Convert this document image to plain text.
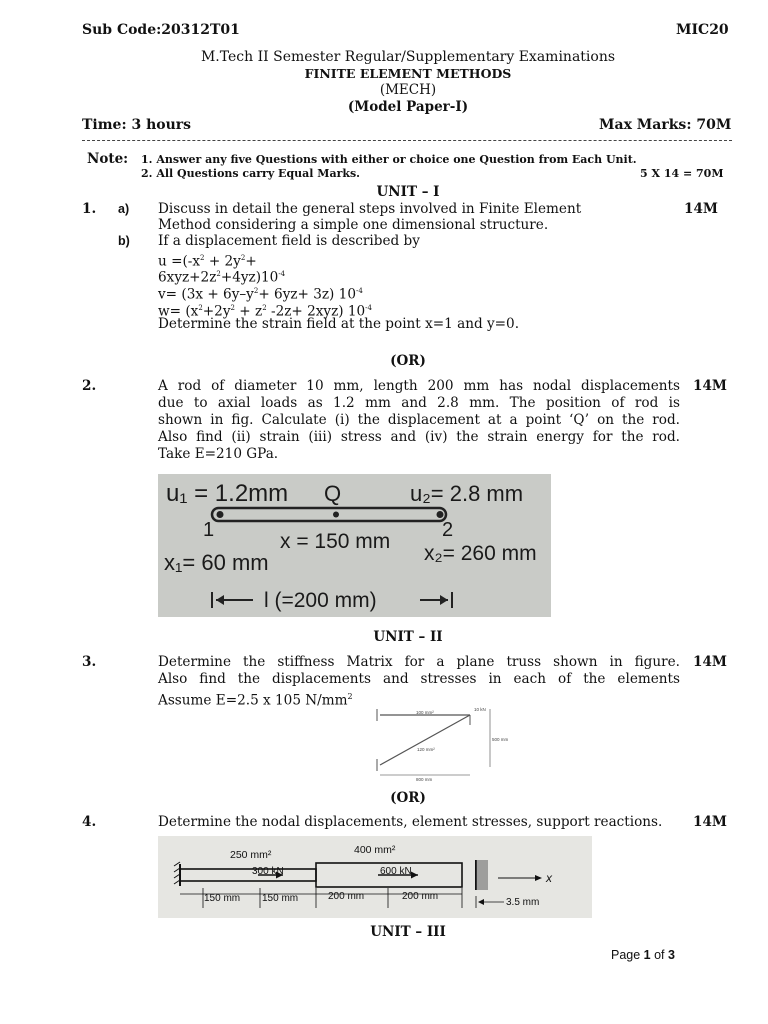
Sub Code:20312T01	MIC20
M.Tech II Semester Regular/Supplementary Examinations
FINITE ELEMENT METHODS
(MECH)
(Model Paper-I)
Time: 3 hours	Max Marks: 70M
Note: 1. Answer any five Questions with either or choice one Question from Each Unit.
2. All Questions carry Equal Marks.	5 X 14 = 70M
UNIT – I
1. a) Discuss in detail the general steps involved in Finite Element	14M
Method considering a simple one dimensional structure.
b) If a displacement field is described by
$u =(-x^2 + 2y^2+$
$6xyz+2z^2+4yz)10^{-4}$
$v= (3x + 6y-y^2+ 6yz+ 3z)$ $10^{-4}$
$w= (x^2+2y^2 + z^2$ -2z+ 2xyz) $10^{-4}$
Determine the strain field at the point x=1 and y=0.
(OR)
2.	A rod of diameter 10 mm, length 200 mm has nodal displacements 14M
due to axial loads as 1.2 mm and 2.8 mm. The position of rod is
shown in fig. Calculate (i) the displacement at a point ‘Q’ on the rod.
Also find (ii) strain (iii) stress and (iv) the strain energy for the rod.
Take E=210 GPa.
u₁ = 1.2mm Q	u₂= 2.8 mm
1	2
x = 150 mm
x₁= 60 mm	x₂= 260 mm
l (=200 mm)
UNIT – II
3.	Determine the stiffness Matrix for a plane truss shown in figure. 14M
Also find the displacements and stresses in each of the elements
Assume E=2.5 x 105 $N/mm^2$
100 mm²
10 kN
120 mm²
500 mm
800 mm
(OR)
4.	Determine the nodal displacements, element stresses, support reactions. 14M
250 mm²	400 mm²
300 kN	600 kN	x
150 mm 150 mm	200 mm	200 mm
3.5 mm
UNIT – III
Page 1 of 3
